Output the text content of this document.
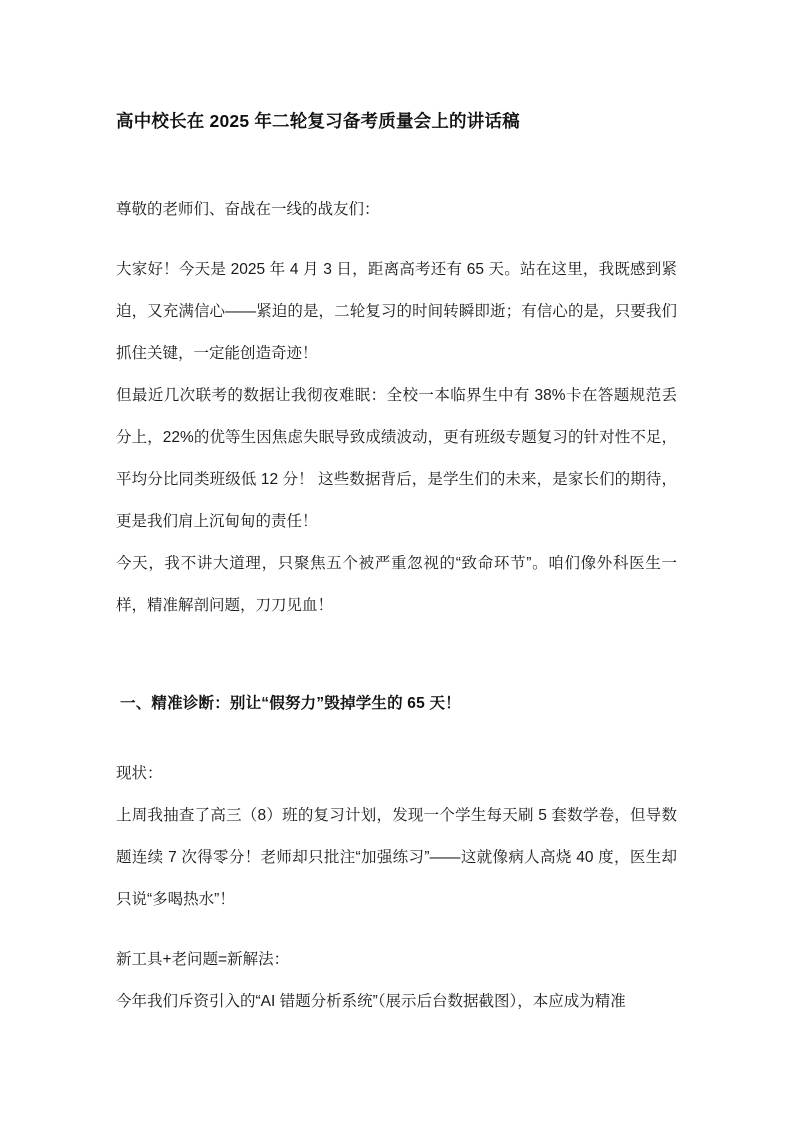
高中校长在 2025 年二轮复习备考质量会上的讲话稿

尊敬的老师们、奋战在一线的战友们：

大家好！今天是 2025 年 4 月 3 日，距离高考还有 65 天。站在这里，我既感到紧迫，又充满信心——紧迫的是，二轮复习的时间转瞬即逝；有信心的是，只要我们抓住关键，一定能创造奇迹！

但最近几次联考的数据让我彻夜难眠：全校一本临界生中有 38%卡在答题规范丢分上，22%的优等生因焦虑失眠导致成绩波动，更有班级专题复习的针对性不足，平均分比同类班级低 12 分！ 这些数据背后，是学生们的未来，是家长们的期待，更是我们肩上沉甸甸的责任！

今天，我不讲大道理，只聚焦五个被严重忽视的“致命环节”。咱们像外科医生一样，精准解剖问题，刀刀见血！

一、精准诊断：别让“假努力”毁掉学生的 65 天！

现状：

上周我抽查了高三（8）班的复习计划，发现一个学生每天刷 5 套数学卷，但导数题连续 7 次得零分！老师却只批注“加强练习”——这就像病人高烧 40 度，医生却只说“多喝热水”！

新工具+老问题=新解法：

今年我们斥资引入的“AI 错题分析系统”（展示后台数据截图），本应成为精准
